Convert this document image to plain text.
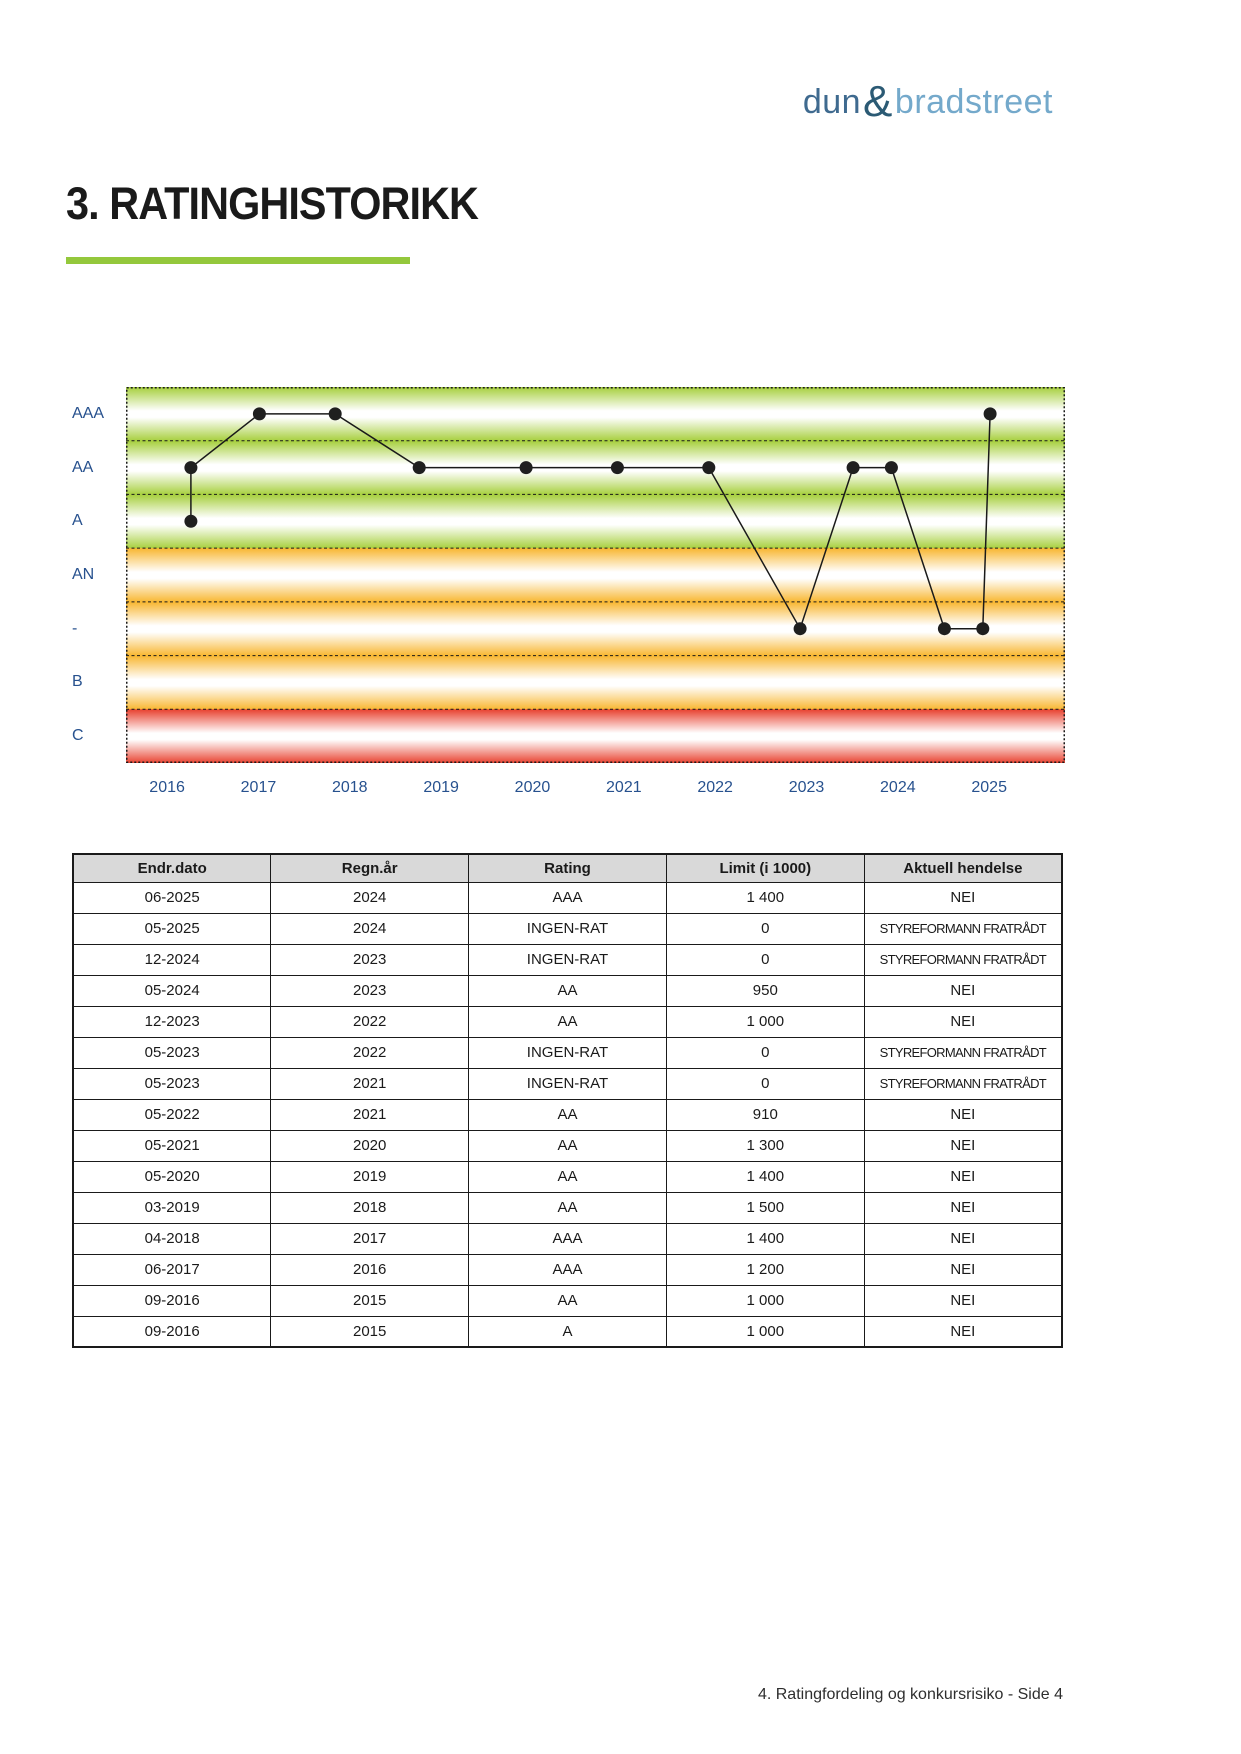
dun & bradstreet
3. RATINGHISTORIKK
AAA
AA
A
AN
-
B
C
2016	2017	2018	2019	2020	2021	2022	2023	2024	2025
Endr.dato	Regn.år	Rating	Limit (i 1000)	Aktuell hendelse
06-2025	2024	AAA	1 400	NEI
05-2025	2024	INGEN-RAT	0	STYREFORMANN FRATRÅDT
12-2024	2023	INGEN-RAT	0	STYREFORMANN FRATRÅDT
05-2024	2023	AA	950	NEI
12-2023	2022	AA	1 000	NEI
05-2023	2022	INGEN-RAT	0	STYREFORMANN FRATRÅDT
05-2023	2021	INGEN-RAT	0	STYREFORMANN FRATRÅDT
05-2022	2021	AA	910	NEI
05-2021	2020	AA	1 300	NEI
05-2020	2019	AA	1 400	NEI
03-2019	2018	AA	1 500	NEI
04-2018	2017	AAA	1 400	NEI
06-2017	2016	AAA	1 200	NEI
09-2016	2015	AA	1 000	NEI
09-2016	2015	A	1 000	NEI
4. Ratingfordeling og konkursrisiko - Side 4
